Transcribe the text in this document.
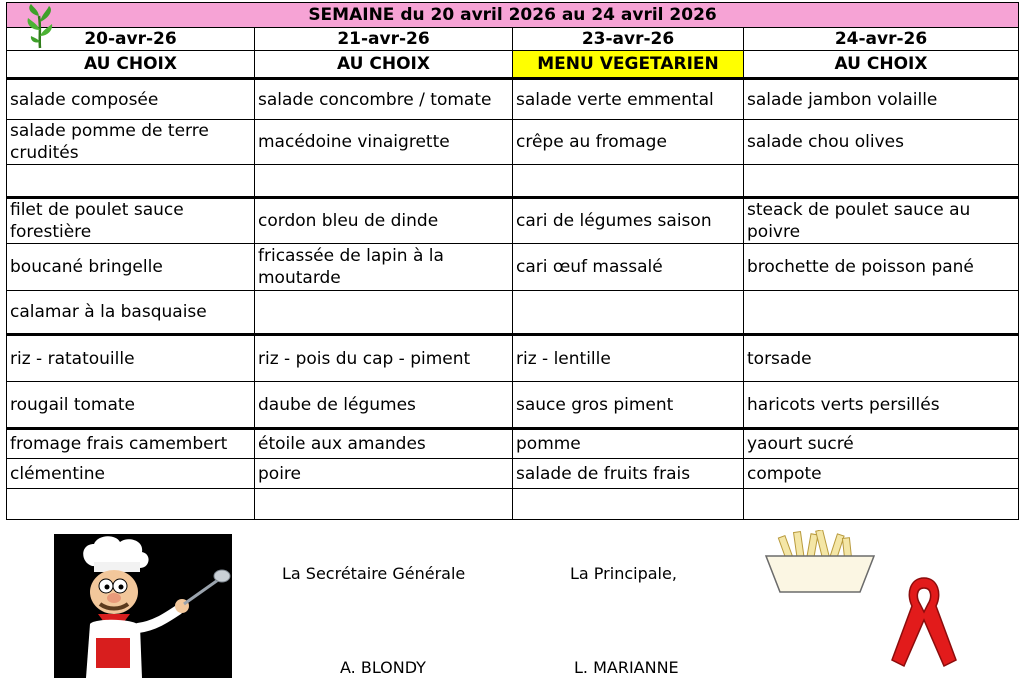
SEMAINE du 20 avril 2026 au 24 avril 2026			
20-avr-26	21-avr-26	23-avr-26	24-avr-26
AU CHOIX	AU CHOIX	MENU VEGETARIEN	AU CHOIX
salade composée	salade concombre / tomate	salade verte emmental	salade jambon volaille
salade pomme de terre crudités	macédoine vinaigrette	crêpe au fromage	salade chou olives

filet de poulet sauce forestière	cordon bleu de dinde	cari de légumes saison	steack de poulet sauce au poivre
boucané bringelle	fricassée de lapin à la moutarde	cari œuf massalé	brochette de poisson pané
calamar à la basquaise			
riz - ratatouille	riz - pois du cap - piment	riz - lentille	torsade
rougail tomate	daube de légumes	sauce gros piment	haricots verts persillés
fromage frais camembert	étoile aux amandes	pomme	yaourt sucré
clémentine	poire	salade de fruits frais	compote

La Secrétaire Générale
A. BLONDY
La Principale,
L. MARIANNE
